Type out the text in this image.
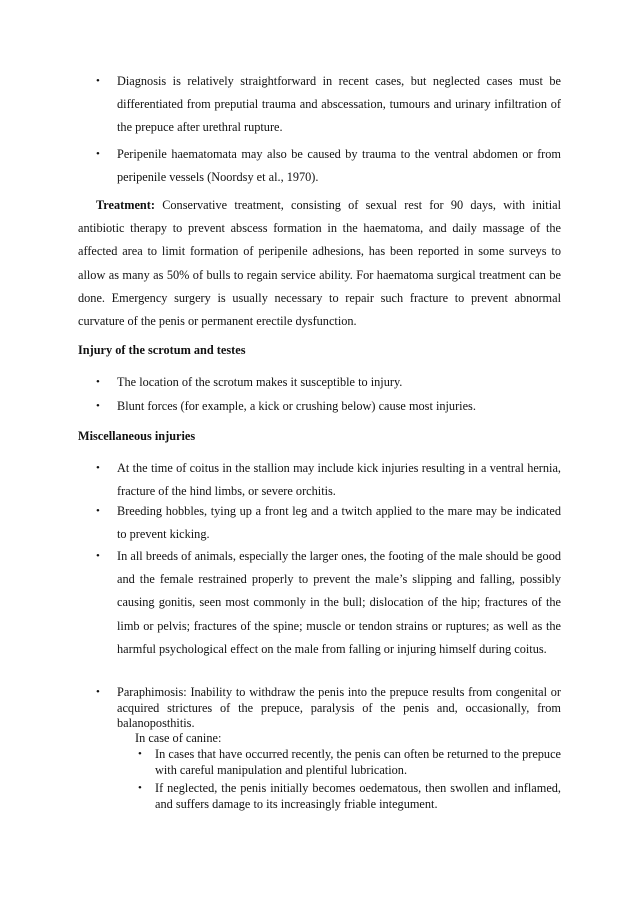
•	Diagnosis is relatively straightforward in recent cases, but neglected cases must be differentiated from preputial trauma and abscessation, tumours and urinary infiltration of the prepuce after urethral rupture.

•	Peripenile haematomata may also be caused by trauma to the ventral abdomen or from peripenile vessels (Noordsy et al., 1970).

Treatment: Conservative treatment, consisting of sexual rest for 90 days, with initial antibiotic therapy to prevent abscess formation in the haematoma, and daily massage of the affected area to limit formation of peripenile adhesions, has been reported in some surveys to allow as many as 50% of bulls to regain service ability. For haematoma surgical treatment can be done. Emergency surgery is usually necessary to repair such fracture to prevent abnormal curvature of the penis or permanent erectile dysfunction.

Injury of the scrotum and testes
•	The location of the scrotum makes it susceptible to injury.

•	Blunt forces (for example, a kick or crushing below) cause most injuries.

Miscellaneous injuries
•	At the time of coitus in the stallion may include kick injuries resulting in a ventral hernia, fracture of the hind limbs, or severe orchitis.

•	Breeding hobbles, tying up a front leg and a twitch applied to the mare may be indicated to prevent kicking.

•	In all breeds of animals, especially the larger ones, the footing of the male should be good and the female restrained properly to prevent the male’s slipping and falling, possibly causing gonitis, seen most commonly in the bull; dislocation of the hip; fractures of the limb or pelvis; fractures of the spine; muscle or tendon strains or ruptures; as well as the harmful psychological effect on the male from falling or injuring himself during coitus.

•	Paraphimosis: Inability to withdraw the penis into the prepuce results from congenital or acquired strictures of the prepuce, paralysis of the penis and, occasionally, from balanoposthitis.

In case of canine:
•	In cases that have occurred recently, the penis can often be returned to the prepuce with careful manipulation and plentiful lubrication.

•	If neglected, the penis initially becomes oedematous, then swollen and inflamed, and suffers damage to its increasingly friable integument.
